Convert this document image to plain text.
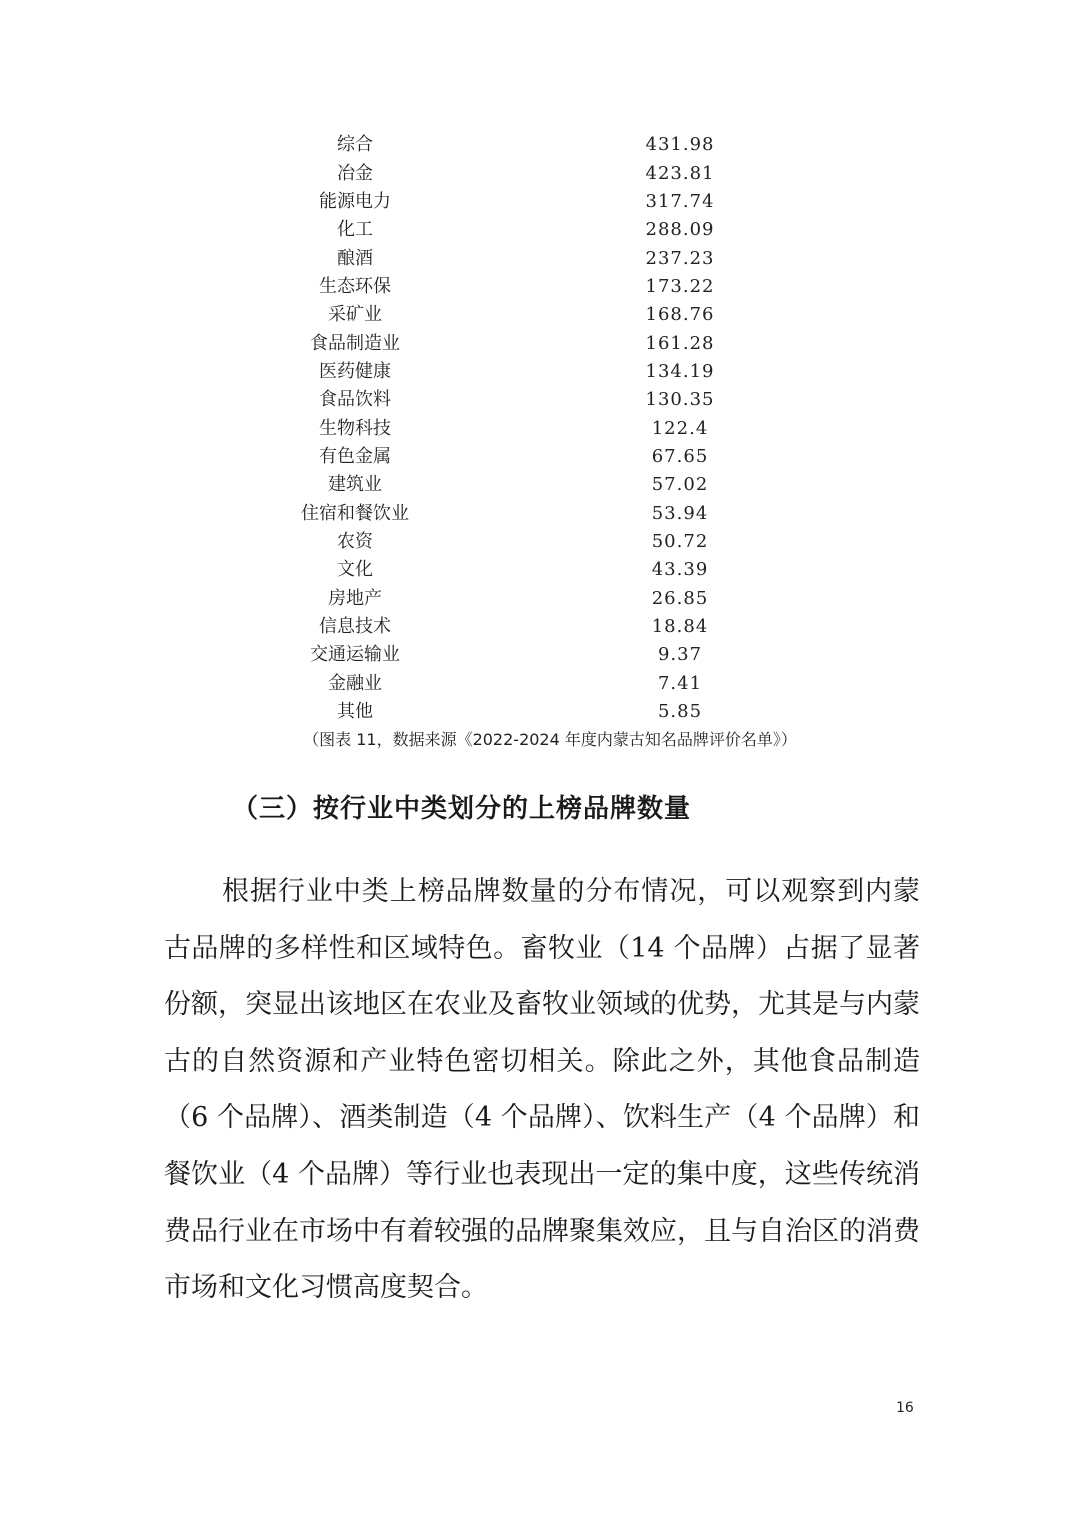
综合	431.98
冶金	423.81
能源电力	317.74
化工	288.09
酿酒	237.23
生态环保	173.22
采矿业	168.76
食品制造业	161.28
医药健康	134.19
食品饮料	130.35
生物科技	122.4
有色金属	67.65
建筑业	57.02
住宿和餐饮业	53.94
农资	50.72
文化	43.39
房地产	26.85
信息技术	18.84
交通运输业	9.37
金融业	7.41
其他	5.85
（图表 11，数据来源《2022-2024 年度内蒙古知名品牌评价名单》）
（三）按行业中类划分的上榜品牌数量

根据行业中类上榜品牌数量的分布情况，可以观察到内蒙古品牌的多样性和区域特色。畜牧业（14 个品牌）占据了显著份额，突显出该地区在农业及畜牧业领域的优势，尤其是与内蒙古的自然资源和产业特色密切相关。除此之外，其他食品制造（6 个品牌）、酒类制造（4 个品牌）、饮料生产（4 个品牌）和餐饮业（4 个品牌）等行业也表现出一定的集中度，这些传统消费品行业在市场中有着较强的品牌聚集效应，且与自治区的消费市场和文化习惯高度契合。

16
